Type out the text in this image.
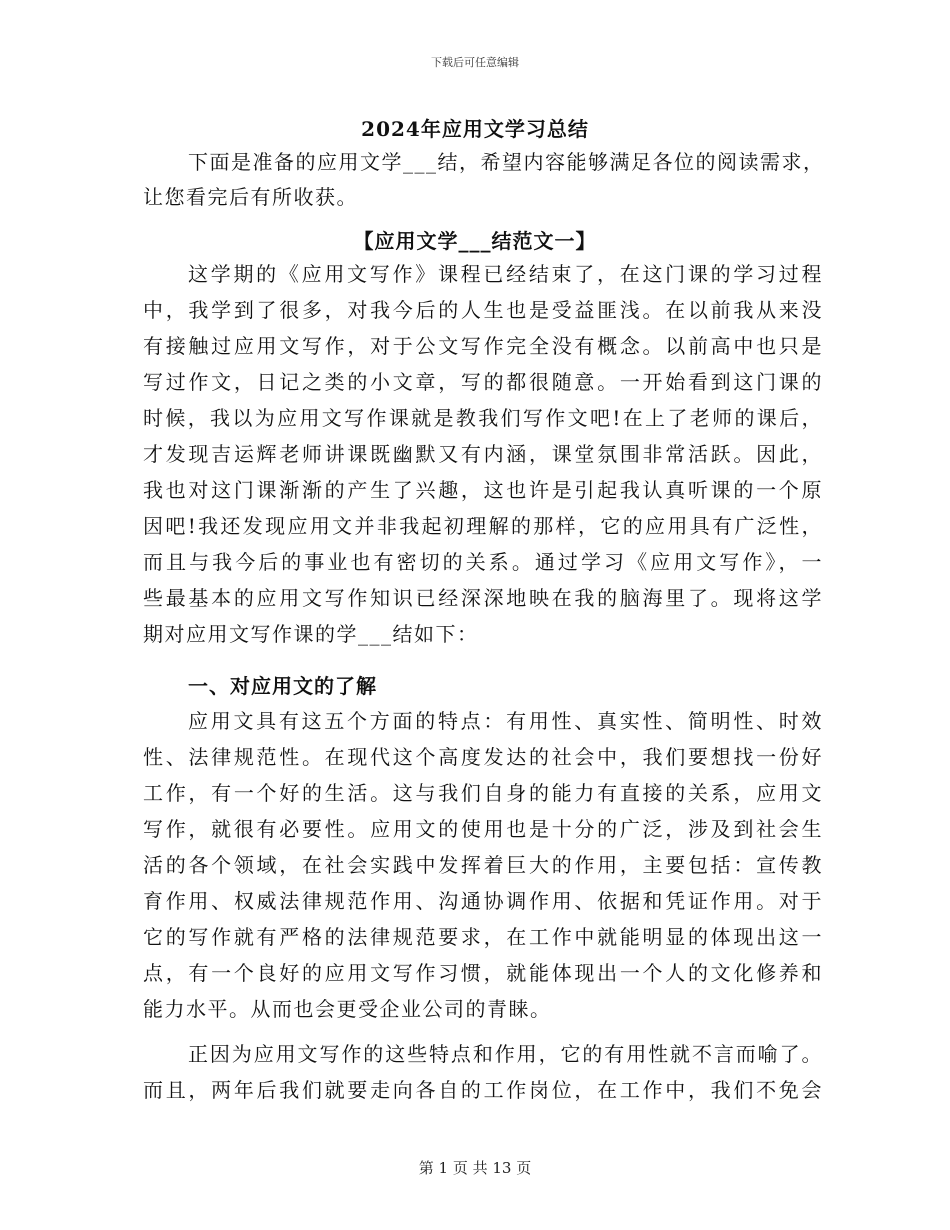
下载后可任意编辑
2024年应用文学习总结
下面是准备的应用文学___结，希望内容能够满足各位的阅读需求，
让您看完后有所收获。
【应用文学___结范文一】
这学期的《应用文写作》课程已经结束了，在这门课的学习过程
中，我学到了很多，对我今后的人生也是受益匪浅。在以前我从来没
有接触过应用文写作，对于公文写作完全没有概念。以前高中也只是
写过作文，日记之类的小文章，写的都很随意。一开始看到这门课的
时候，我以为应用文写作课就是教我们写作文吧!在上了老师的课后，
才发现吉运辉老师讲课既幽默又有内涵，课堂氛围非常活跃。因此，
我也对这门课渐渐的产生了兴趣，这也许是引起我认真听课的一个原
因吧!我还发现应用文并非我起初理解的那样，它的应用具有广泛性，
而且与我今后的事业也有密切的关系。通过学习《应用文写作》，一
些最基本的应用文写作知识已经深深地映在我的脑海里了。现将这学
期对应用文写作课的学___结如下：
一、对应用文的了解
应用文具有这五个方面的特点：有用性、真实性、简明性、时效
性、法律规范性。在现代这个高度发达的社会中，我们要想找一份好
工作，有一个好的生活。这与我们自身的能力有直接的关系，应用文
写作，就很有必要性。应用文的使用也是十分的广泛，涉及到社会生
活的各个领域，在社会实践中发挥着巨大的作用，主要包括：宣传教
育作用、权威法律规范作用、沟通协调作用、依据和凭证作用。对于
它的写作就有严格的法律规范要求，在工作中就能明显的体现出这一
点，有一个良好的应用文写作习惯，就能体现出一个人的文化修养和
能力水平。从而也会更受企业公司的青睐。
正因为应用文写作的这些特点和作用，它的有用性就不言而喻了。
而且，两年后我们就要走向各自的工作岗位，在工作中，我们不免会
第 1 页 共 13 页
